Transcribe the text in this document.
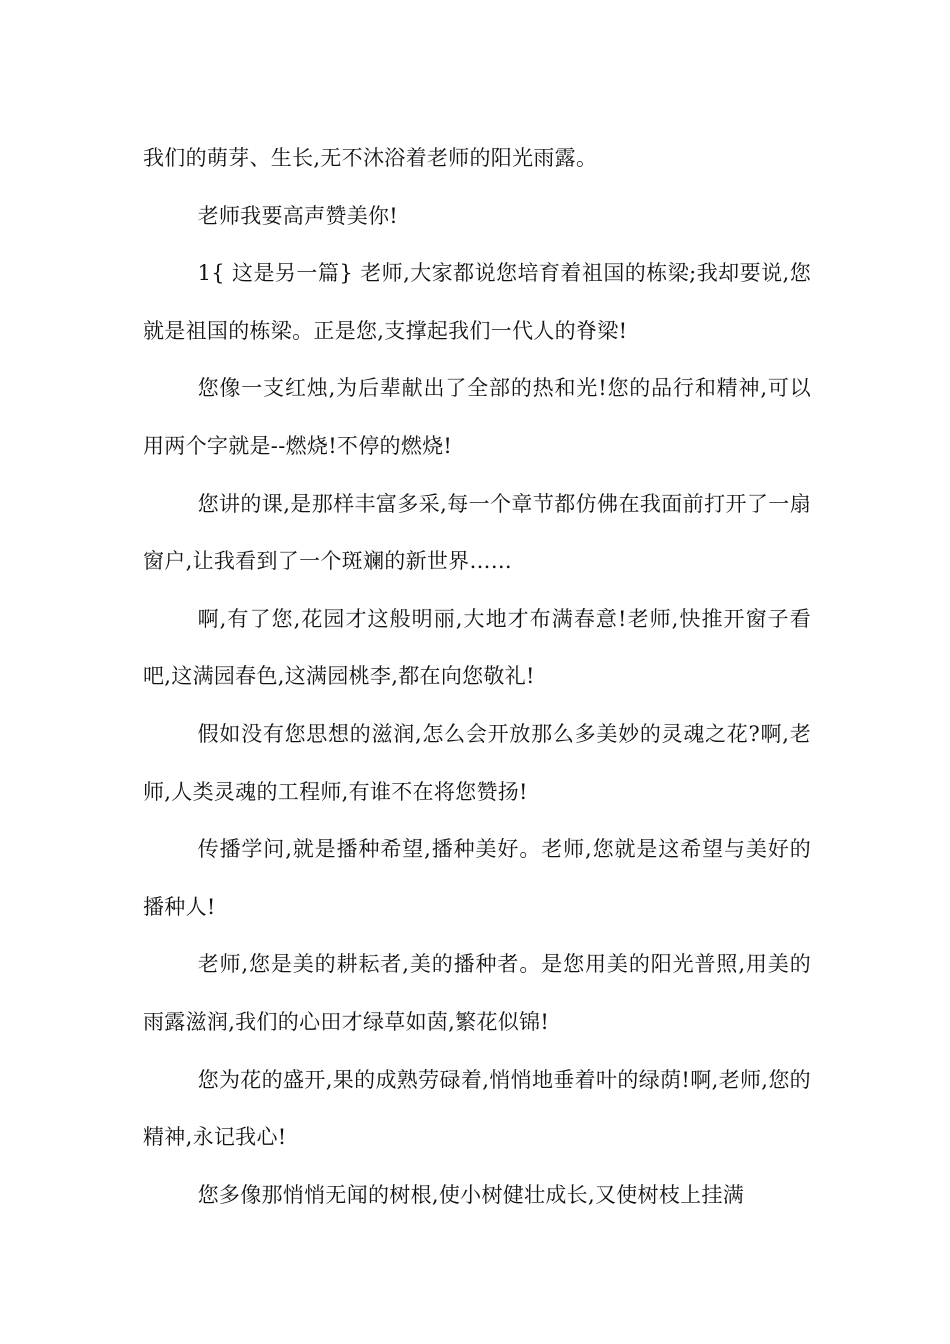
我们的萌芽、生长,无不沐浴着老师的阳光雨露。

老师我要高声赞美你!

1{ 这是另一篇} 老师,大家都说您培育着祖国的栋梁;我却要说,您就是祖国的栋梁。正是您,支撑起我们一代人的脊梁!

您像一支红烛,为后辈献出了全部的热和光!您的品行和精神,可以用两个字就是--燃烧!不停的燃烧!

您讲的课,是那样丰富多采,每一个章节都仿佛在我面前打开了一扇窗户,让我看到了一个斑斓的新世界……

啊,有了您,花园才这般明丽,大地才布满春意!老师,快推开窗子看吧,这满园春色,这满园桃李,都在向您敬礼!

假如没有您思想的滋润,怎么会开放那么多美妙的灵魂之花?啊,老师,人类灵魂的工程师,有谁不在将您赞扬!

传播学问,就是播种希望,播种美好。老师,您就是这希望与美好的播种人!

老师,您是美的耕耘者,美的播种者。是您用美的阳光普照,用美的雨露滋润,我们的心田才绿草如茵,繁花似锦!

您为花的盛开,果的成熟劳碌着,悄悄地垂着叶的绿荫!啊,老师,您的精神,永记我心!

您多像那悄悄无闻的树根,使小树健壮成长,又使树枝上挂满
